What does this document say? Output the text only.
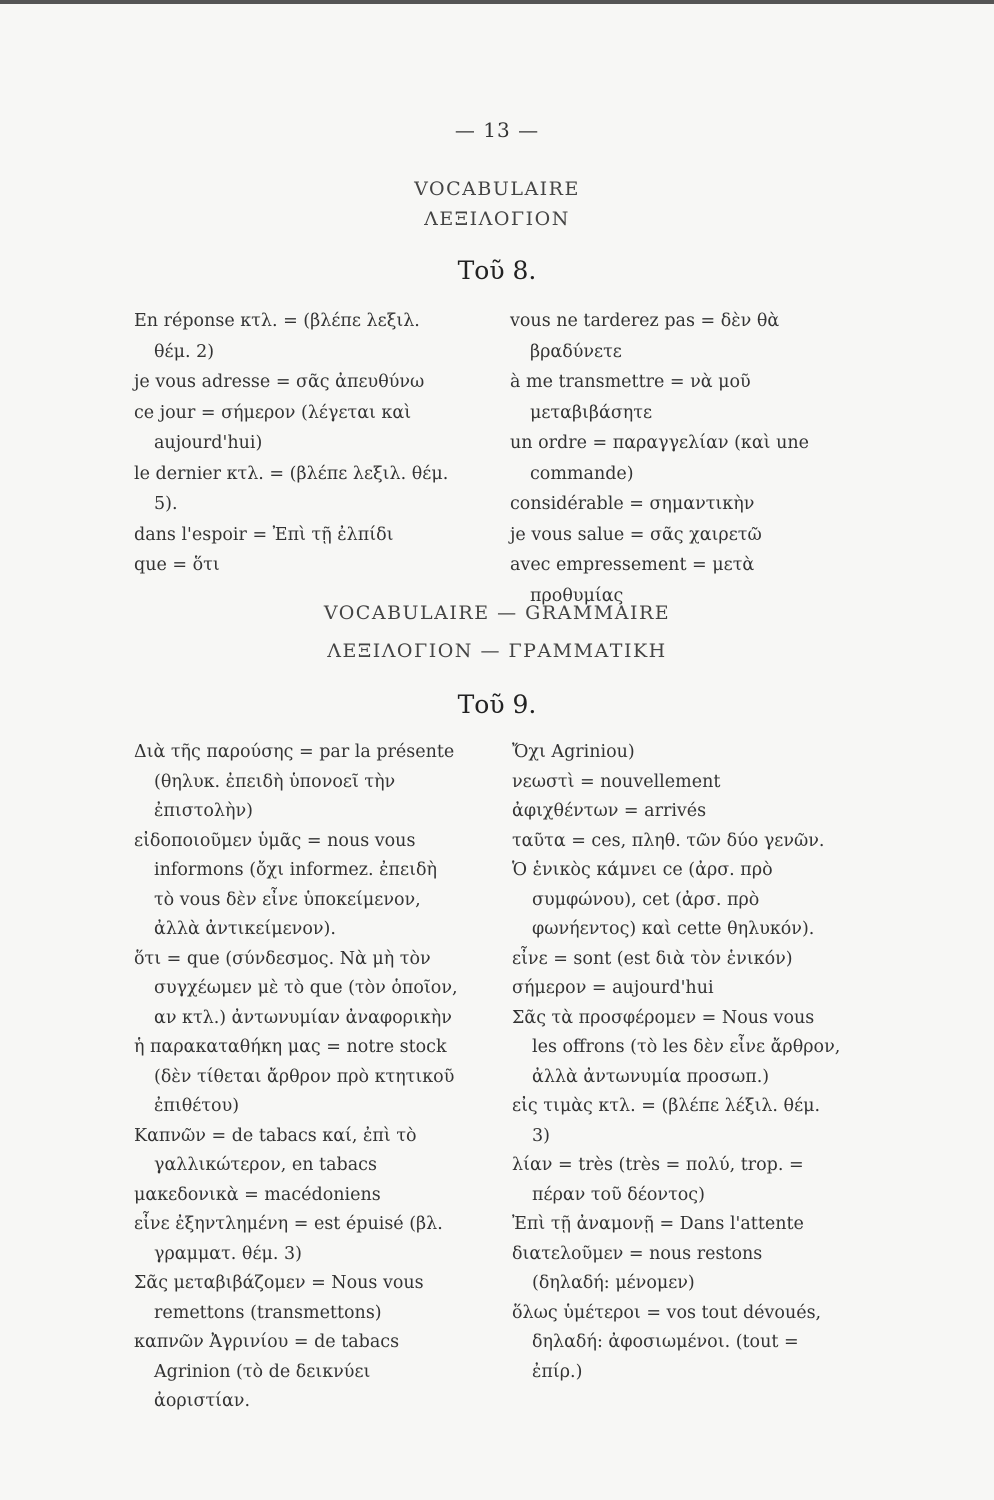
— 13 —
VOCABULAIRE
ΛΕΞΙΛΟΓΙΟΝ
Τοῦ 8.

En réponse κτλ. = (βλέπε λεξιλ. θέμ. 2)

je vous adresse = σᾶς ἀπευθύνω

ce jour = σήμερον (λέγεται καὶ aujourd'hui)

le dernier κτλ. = (βλέπε λεξιλ. θέμ. 5).

dans l'espoir = Ἐπὶ τῇ ἐλπίδι

que = ὅτι

vous ne tarderez pas = δὲν θὰ βραδύνετε

à me transmettre = νὰ μοῦ μεταβιβάσητε

un ordre = παραγγελίαν (καὶ une commande)

considérable = σημαντικὴν

je vous salue = σᾶς χαιρετῶ

avec empressement = μετὰ προθυμίας

VOCABULAIRE — GRAMMAIRE
ΛΕΞΙΛΟΓΙΟΝ — ΓΡΑΜΜΑΤΙΚΗ
Τοῦ 9.

Διὰ τῆς παρούσης = par la présente (θηλυκ. ἐπειδὴ ὑπονοεῖ τὴν ἐπιστολὴν)

εἰδοποιοῦμεν ὑμᾶς = nous vous informons (ὄχι informez. ἐπειδὴ τὸ vous δὲν εἶνε ὑποκείμενον, ἀλλὰ ἀντικείμενον).

ὅτι = que (σύνδεσμος. Νὰ μὴ τὸν συγχέωμεν μὲ τὸ que (τὸν ὁποῖον, αν κτλ.) ἀντωνυμίαν ἀναφορικὴν

ἡ παρακαταθήκη μας = notre stock (δὲν τίθεται ἄρθρον πρὸ κτητικοῦ ἐπιθέτου)

Καπνῶν = de tabacs καί, ἐπὶ τὸ γαλλικώτερον, en tabacs

μακεδονικὰ = macédoniens

εἶνε ἐξηντλημένη = est épuisé (βλ. γραμματ. θέμ. 3)

Σᾶς μεταβιβάζομεν = Nous vous remettons (transmettons)

καπνῶν Ἀγρινίου = de tabacs Agrinion (τὸ de δεικνύει ἀοριστίαν.

Ὄχι Agriniou)

νεωστὶ = nouvellement

ἀφιχθέντων = arrivés

ταῦτα = ces, πληθ. τῶν δύο γενῶν.

Ὁ ἑνικὸς κάμνει ce (ἀρσ. πρὸ συμφώνου), cet (ἀρσ. πρὸ φωνήεντος) καὶ cette θηλυκόν).

εἶνε = sont (est διὰ τὸν ἑνικόν)

σήμερον = aujourd'hui

Σᾶς τὰ προσφέρομεν = Nous vous les offrons (τὸ les δὲν εἶνε ἄρθρον, ἀλλὰ ἀντωνυμία προσωπ.)

εἰς τιμὰς κτλ. = (βλέπε λέξιλ. θέμ. 3)

λίαν = très (très = πολύ, trop. = πέραν τοῦ δέοντος)

Ἐπὶ τῇ ἀναμονῇ = Dans l'attente

διατελοῦμεν = nous restons (δηλαδή: μένομεν)

ὅλως ὑμέτεροι = vos tout dévoués, δηλαδή: ἀφοσιωμένοι. (tout = ἐπίρ.)
